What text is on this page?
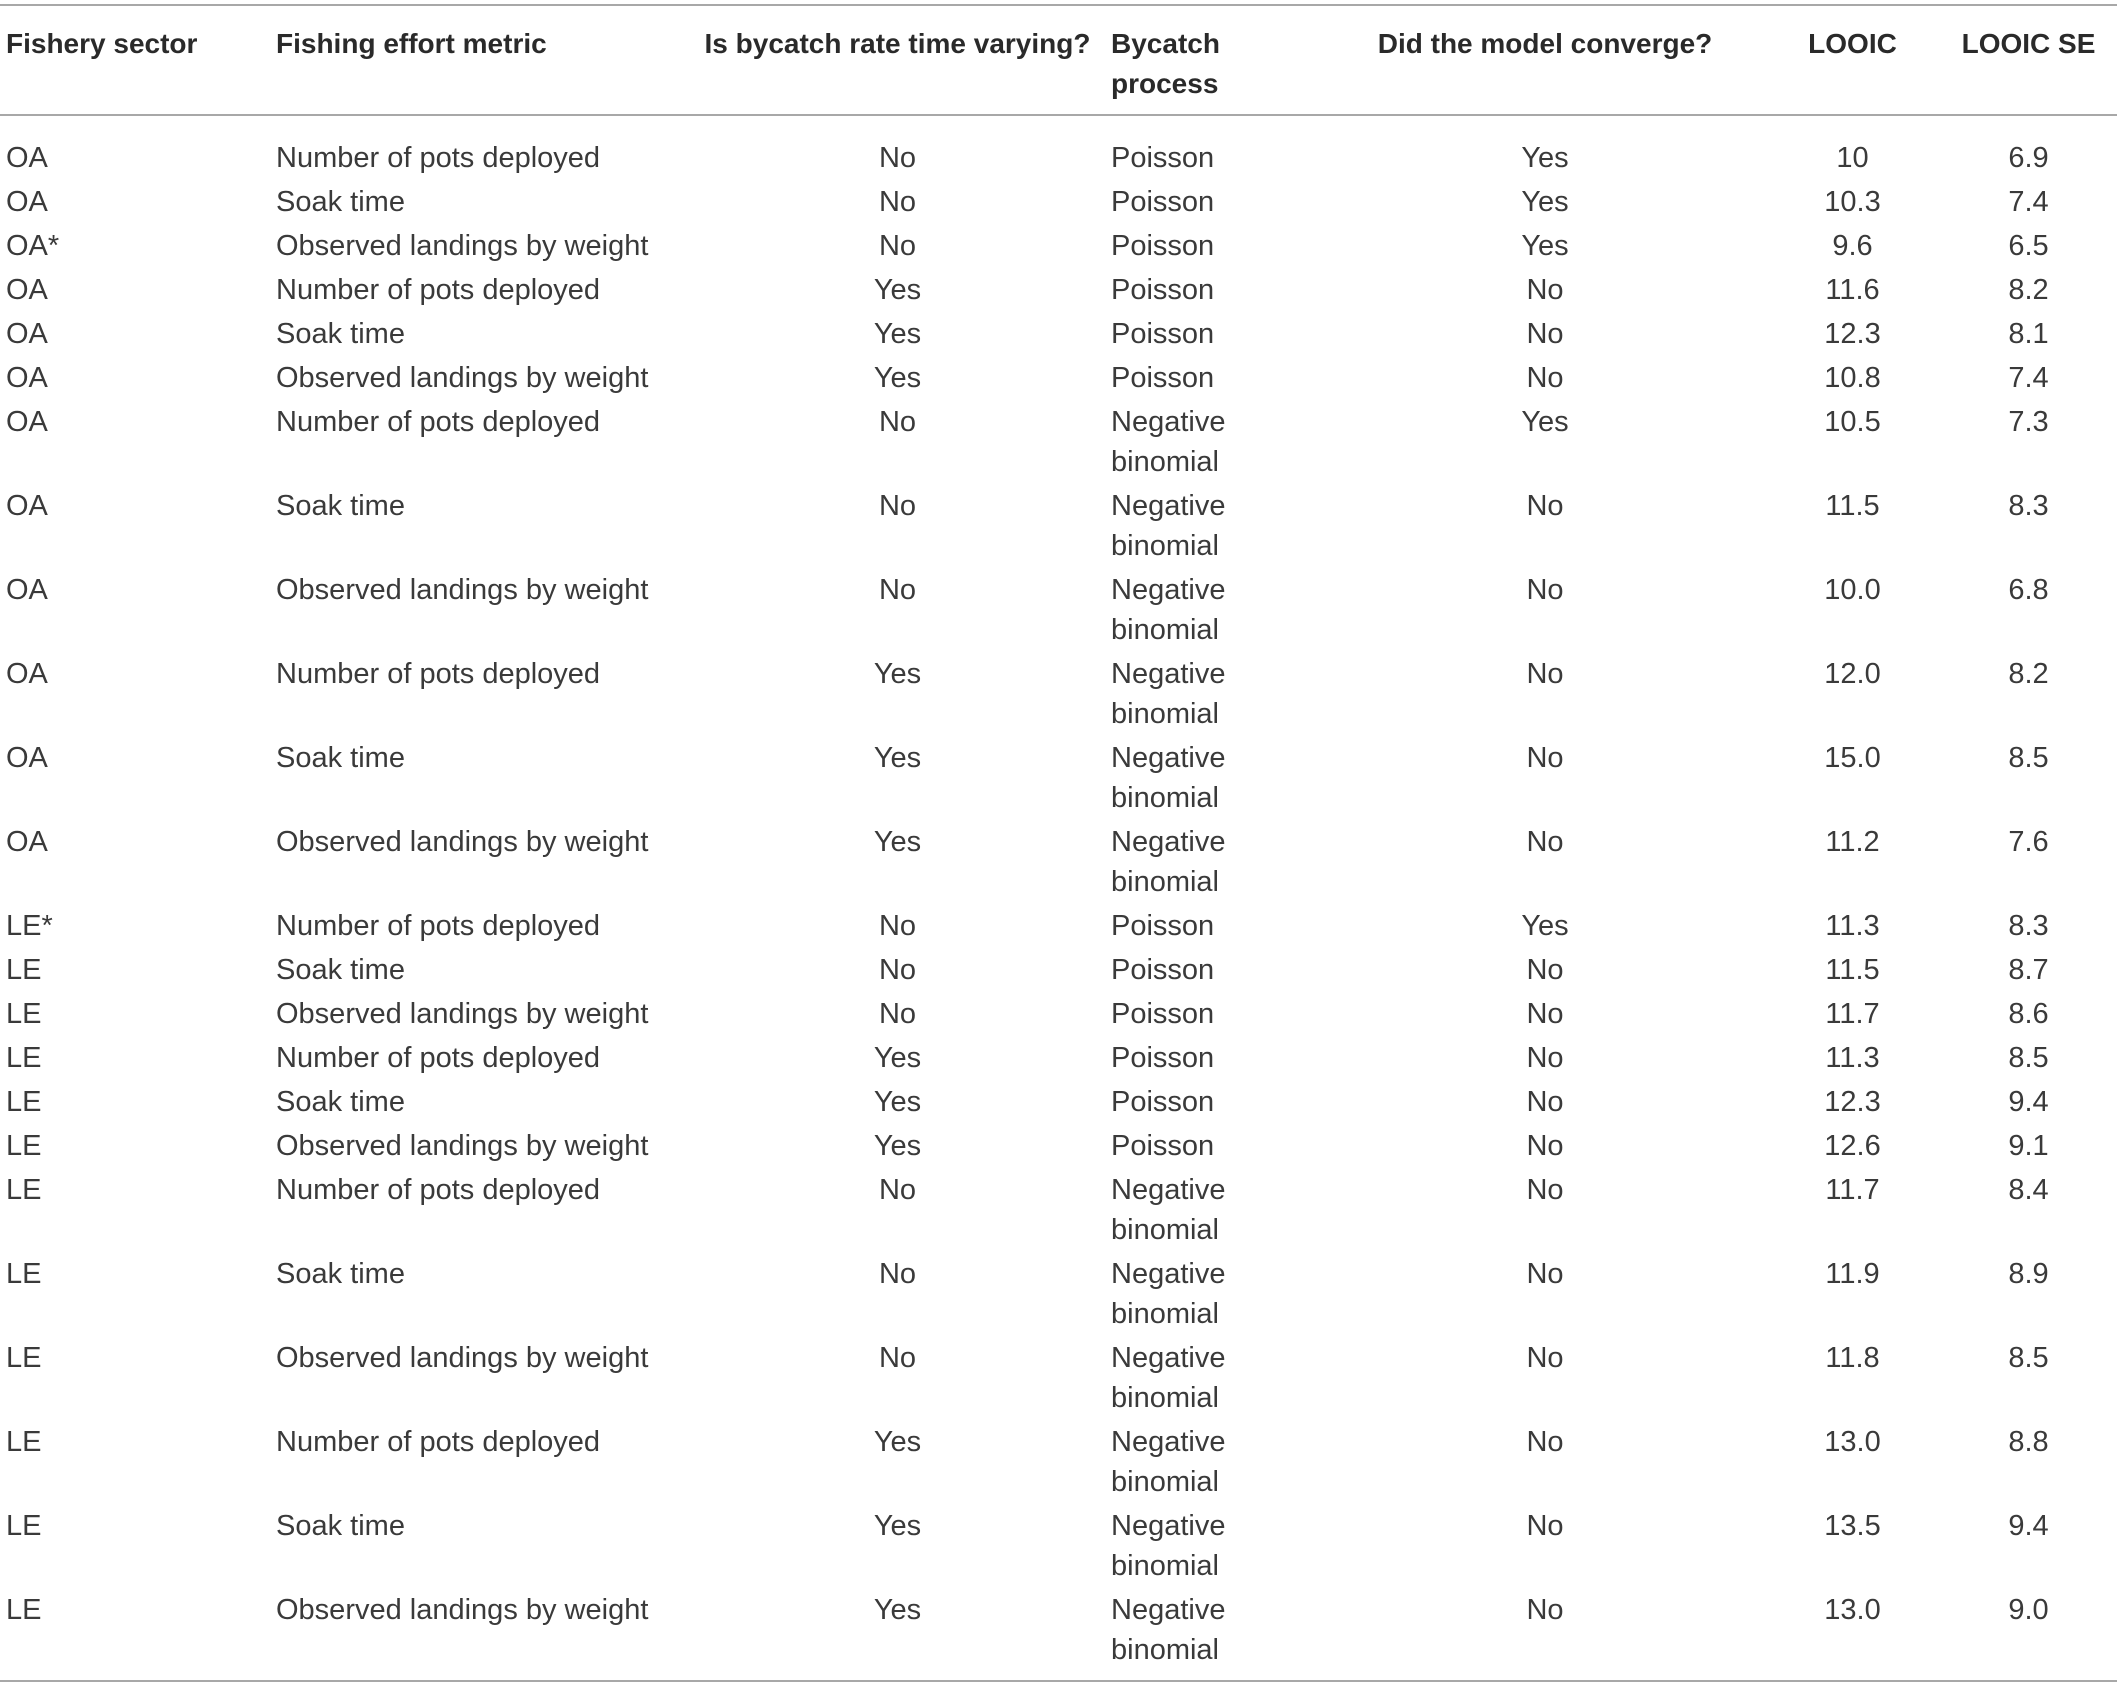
Fishery sector	Fishing effort metric	Is bycatch rate time varying?	Bycatch process	Did the model converge?	LOOIC	LOOIC SE
OA	Number of pots deployed	No	Poisson	Yes	10	6.9
OA	Soak time	No	Poisson	Yes	10.3	7.4
OA*	Observed landings by weight	No	Poisson	Yes	9.6	6.5
OA	Number of pots deployed	Yes	Poisson	No	11.6	8.2
OA	Soak time	Yes	Poisson	No	12.3	8.1
OA	Observed landings by weight	Yes	Poisson	No	10.8	7.4
OA	Number of pots deployed	No	Negative binomial	Yes	10.5	7.3
OA	Soak time	No	Negative binomial	No	11.5	8.3
OA	Observed landings by weight	No	Negative binomial	No	10.0	6.8
OA	Number of pots deployed	Yes	Negative binomial	No	12.0	8.2
OA	Soak time	Yes	Negative binomial	No	15.0	8.5
OA	Observed landings by weight	Yes	Negative binomial	No	11.2	7.6
LE*	Number of pots deployed	No	Poisson	Yes	11.3	8.3
LE	Soak time	No	Poisson	No	11.5	8.7
LE	Observed landings by weight	No	Poisson	No	11.7	8.6
LE	Number of pots deployed	Yes	Poisson	No	11.3	8.5
LE	Soak time	Yes	Poisson	No	12.3	9.4
LE	Observed landings by weight	Yes	Poisson	No	12.6	9.1
LE	Number of pots deployed	No	Negative binomial	No	11.7	8.4
LE	Soak time	No	Negative binomial	No	11.9	8.9
LE	Observed landings by weight	No	Negative binomial	No	11.8	8.5
LE	Number of pots deployed	Yes	Negative binomial	No	13.0	8.8
LE	Soak time	Yes	Negative binomial	No	13.5	9.4
LE	Observed landings by weight	Yes	Negative binomial	No	13.0	9.0
